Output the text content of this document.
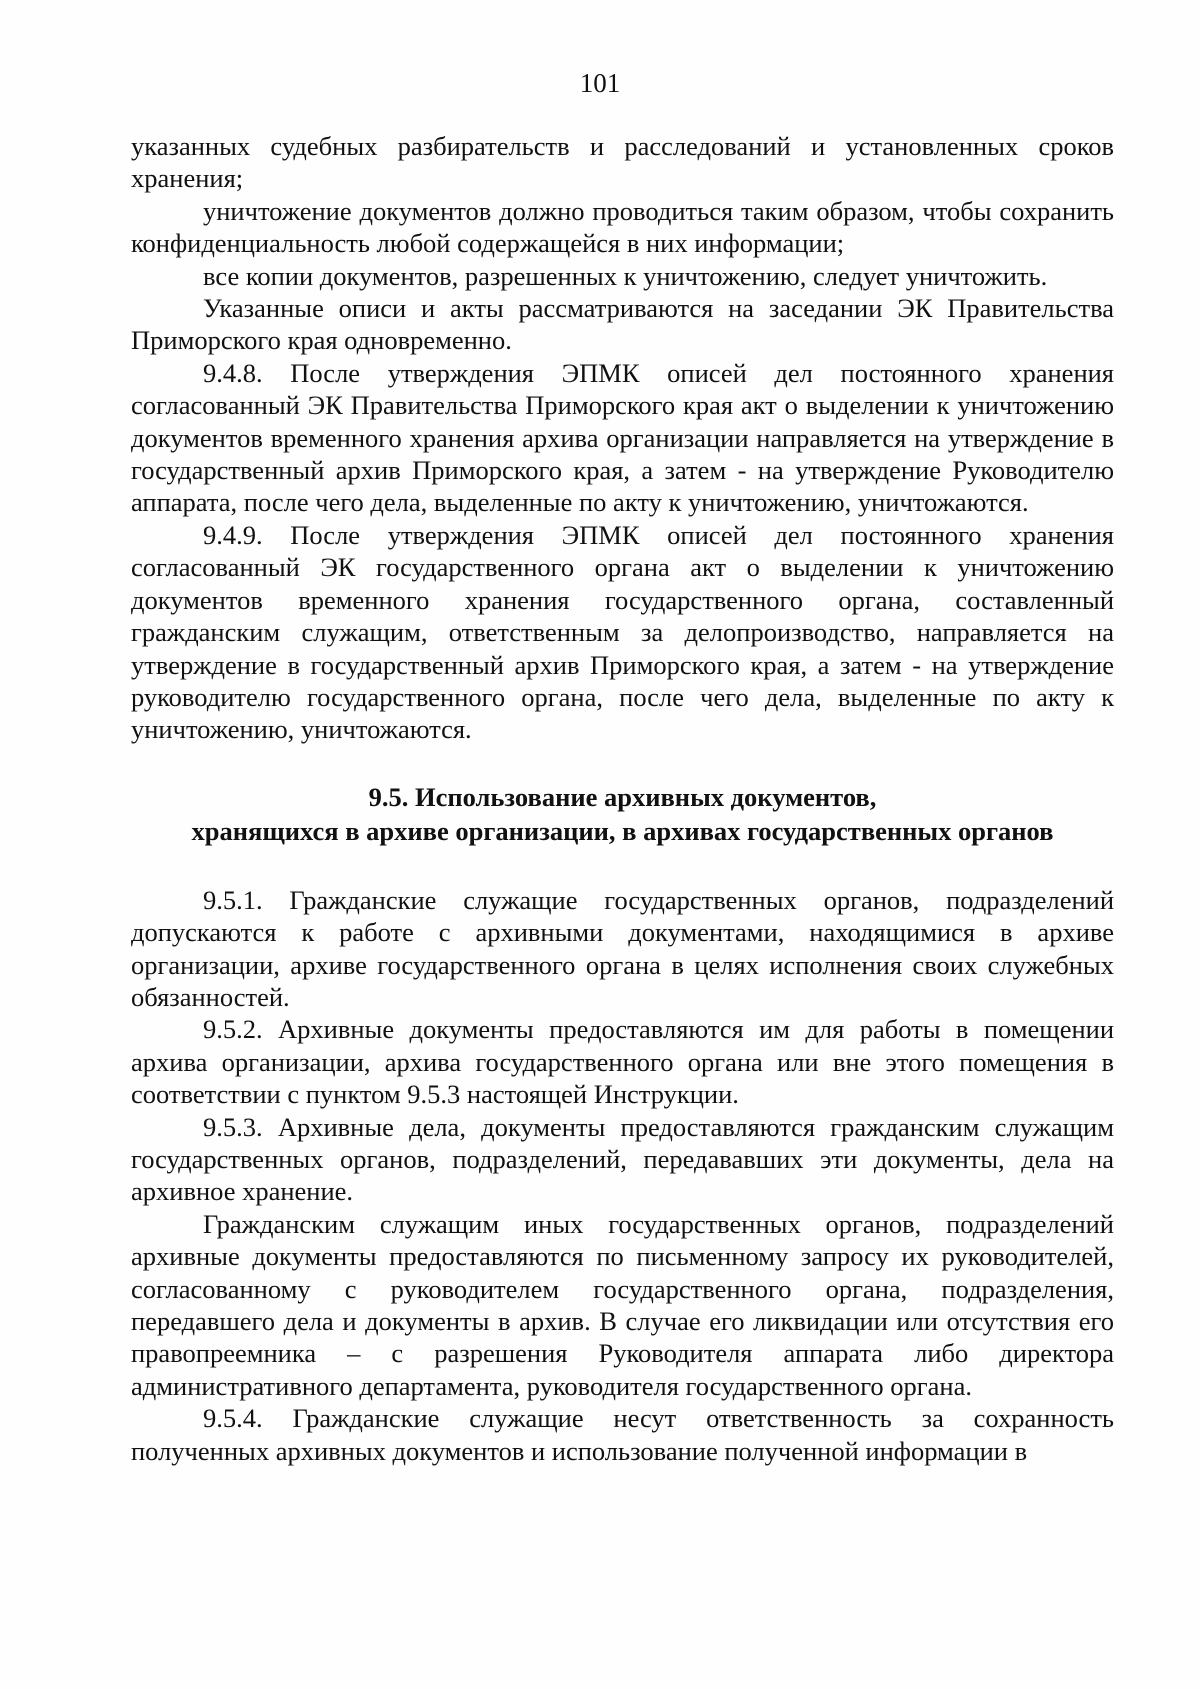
101

указанных судебных разбирательств и расследований и установленных сроков хранения;

уничтожение документов должно проводиться таким образом, чтобы сохранить конфиденциальность любой содержащейся в них информации;

все копии документов, разрешенных к уничтожению, следует уничтожить.

Указанные описи и акты рассматриваются на заседании ЭК Правительства Приморского края одновременно.

9.4.8. После утверждения ЭПМК описей дел постоянного хранения согласованный ЭК Правительства Приморского края акт о выделении к уничтожению документов временного хранения архива организации направляется на утверждение в государственный архив Приморского края, а затем - на утверждение Руководителю аппарата, после чего дела, выделенные по акту к уничтожению, уничтожаются.

9.4.9. После утверждения ЭПМК описей дел постоянного хранения согласованный ЭК государственного органа акт о выделении к уничтожению документов временного хранения государственного органа, составленный гражданским служащим, ответственным за делопроизводство, направляется на утверждение в государственный архив Приморского края, а затем - на утверждение руководителю государственного органа, после чего дела, выделенные по акту к уничтожению, уничтожаются.

9.5. Использование архивных документов,
хранящихся в архиве организации, в архивах государственных органов

9.5.1. Гражданские служащие государственных органов, подразделений допускаются к работе с архивными документами, находящимися в архиве организации, архиве государственного органа в целях исполнения своих служебных обязанностей.

9.5.2. Архивные документы предоставляются им для работы в помещении архива организации, архива государственного органа или вне этого помещения в соответствии с пунктом 9.5.3 настоящей Инструкции.

9.5.3. Архивные дела, документы предоставляются гражданским служащим государственных органов, подразделений, передававших эти документы, дела на архивное хранение.

Гражданским служащим иных государственных органов, подразделений архивные документы предоставляются по письменному запросу их руководителей, согласованному с руководителем государственного органа, подразделения, передавшего дела и документы в архив. В случае его ликвидации или отсутствия его правопреемника – с разрешения Руководителя аппарата либо директора административного департамента, руководителя государственного органа.

9.5.4. Гражданские служащие несут ответственность за сохранность полученных архивных документов и использование полученной информации в
